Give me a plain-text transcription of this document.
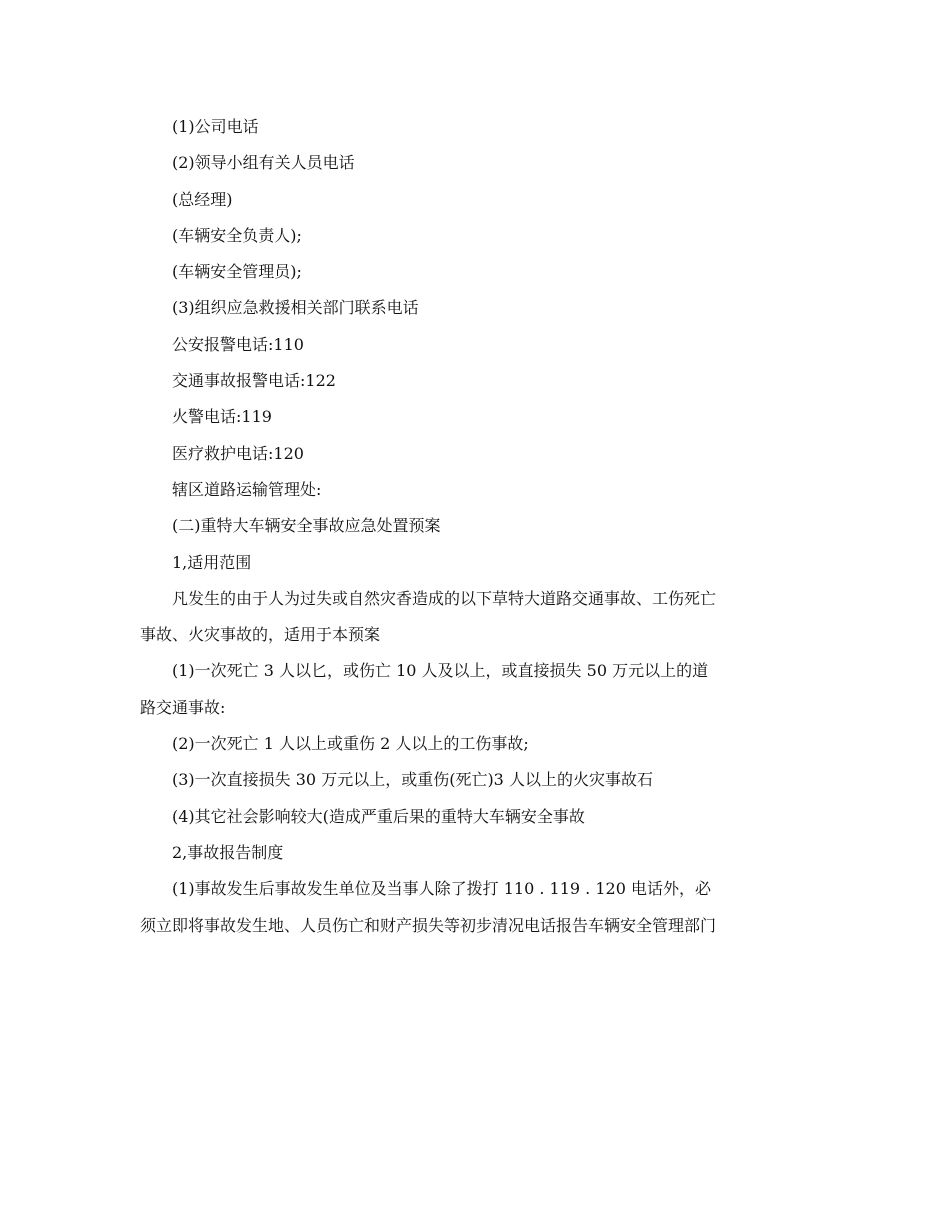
(1)公司电话
(2)领导小组有关人员电话
(总经理)
(车辆安全负责人);
(车辆安全管理员);
(3)组织应急救援相关部门联系电话
公安报警电话:110
交通事故报警电话:122
火警电话:119
医疗救护电话:120
辖区道路运输管理处:
(二)重特大车辆安全事故应急处置预案
1,适用范围
凡发生的由于人为过失或自然灾香造成的以下草特大道路交通事故、工伤死亡
事故、火灾事故的，适用于本预案
(1)一次死亡 3 人以匕，或伤亡 10 人及以上，或直接损失 50 万元以上的道
路交通事故:
(2)一次死亡 1 人以上或重伤 2 人以上的工伤事故;
(3)一次直接损失 30 万元以上，或重伤(死亡)3 人以上的火灾事故石
(4)其它社会影响较大(造成严重后果的重特大车辆安全事故
2,事故报告制度
(1)事故发生后事故发生单位及当事人除了拨打 110 . 119 . 120 电话外，必
须立即将事故发生地、人员伤亡和财产损失等初步清况电话报告车辆安全管理部门
